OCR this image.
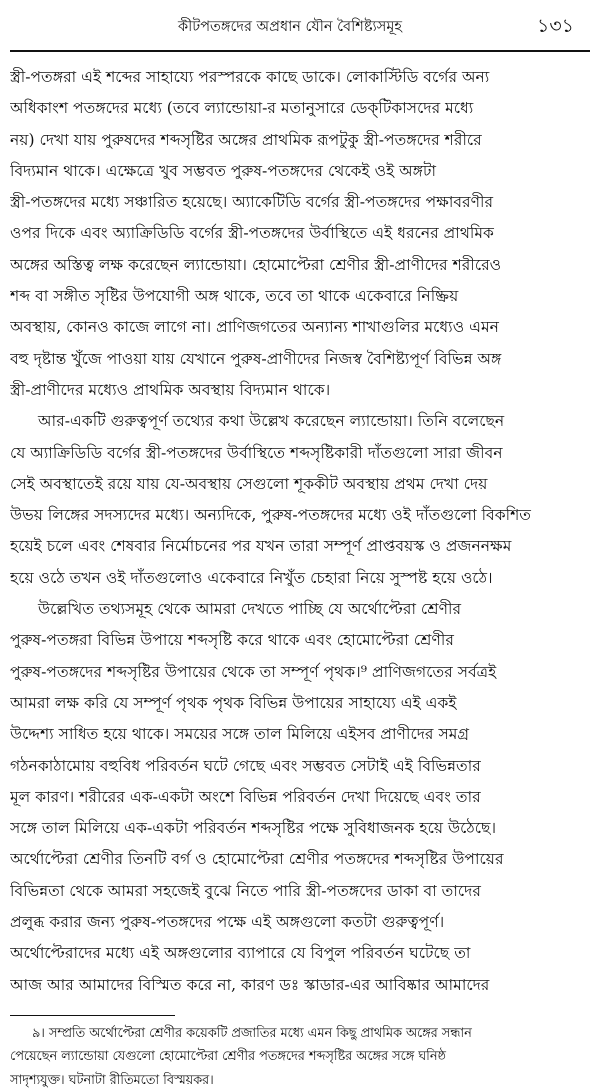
কীটপতঙ্গদের অপ্রধান যৌন বৈশিষ্ট্যসমূহ	১৩১
স্ত্রী-পতঙ্গরা এই শব্দের সাহায্যে পরস্পরকে কাছে ডাকে। লোকাস্টিডি বর্গের অন্য
অধিকাংশ পতঙ্গদের মধ্যে (তবে ল্যান্ডোয়া-র মতানুসারে ডেক্‌টিকাসদের মধ্যে
নয়) দেখা যায় পুরুষদের শব্দসৃষ্টির অঙ্গের প্রাথমিক রূপটুকু স্ত্রী-পতঙ্গদের শরীরে
বিদ্যমান থাকে। এক্ষেত্রে খুব সম্ভবত পুরুষ-পতঙ্গদের থেকেই ওই অঙ্গটা
স্ত্রী-পতঙ্গদের মধ্যে সঞ্চারিত হয়েছে। অ্যাকেটিডি বর্গের স্ত্রী-পতঙ্গদের পক্ষাবরণীর
ওপর দিকে এবং অ্যাক্রিডিডি বর্গের স্ত্রী-পতঙ্গদের উর্বাস্থিতে এই ধরনের প্রাথমিক
অঙ্গের অস্তিত্ব লক্ষ করেছেন ল্যান্ডোয়া। হোমোপ্টেরা শ্রেণীর স্ত্রী-প্রাণীদের শরীরেও
শব্দ বা সঙ্গীত সৃষ্টির উপযোগী অঙ্গ থাকে, তবে তা থাকে একেবারে নিষ্ক্রিয়
অবস্থায়, কোনও কাজে লাগে না। প্রাণিজগতের অন্যান্য শাখাগুলির মধ্যেও এমন
বহু দৃষ্টান্ত খুঁজে পাওয়া যায় যেখানে পুরুষ-প্রাণীদের নিজস্ব বৈশিষ্ট্যপূর্ণ বিভিন্ন অঙ্গ
স্ত্রী-প্রাণীদের মধ্যেও প্রাথমিক অবস্থায় বিদ্যমান থাকে।
আর-একটি গুরুত্বপূর্ণ তথ্যের কথা উল্লেখ করেছেন ল্যান্ডোয়া। তিনি বলেছেন
যে অ্যাক্রিডিডি বর্গের স্ত্রী-পতঙ্গদের উর্বাস্থিতে শব্দসৃষ্টিকারী দাঁতগুলো সারা জীবন
সেই অবস্থাতেই রয়ে যায় যে-অবস্থায় সেগুলো শূককীট অবস্থায় প্রথম দেখা দেয়
উভয় লিঙ্গের সদস্যদের মধ্যে। অন্যদিকে, পুরুষ-পতঙ্গদের মধ্যে ওই দাঁতগুলো বিকশিত
হয়েই চলে এবং শেষবার নির্মোচনের পর যখন তারা সম্পূর্ণ প্রাপ্তবয়স্ক ও প্রজননক্ষম
হয়ে ওঠে তখন ওই দাঁতগুলোও একেবারে নিখুঁত চেহারা নিয়ে সুস্পষ্ট হয়ে ওঠে।
উল্লেখিত তথ্যসমূহ থেকে আমরা দেখতে পাচ্ছি যে অর্থোপ্টেরা শ্রেণীর
পুরুষ-পতঙ্গরা বিভিন্ন উপায়ে শব্দসৃষ্টি করে থাকে এবং হোমোপ্টেরা শ্রেণীর
পুরুষ-পতঙ্গদের শব্দসৃষ্টির উপায়ের থেকে তা সম্পূর্ণ পৃথক।⁹ প্রাণিজগতের সর্বত্রই
আমরা লক্ষ করি যে সম্পূর্ণ পৃথক পৃথক বিভিন্ন উপায়ের সাহায্যে এই একই
উদ্দেশ্য সাধিত হয়ে থাকে। সময়ের সঙ্গে তাল মিলিয়ে এইসব প্রাণীদের সমগ্র
গঠনকাঠামোয় বহুবিধ পরিবর্তন ঘটে গেছে এবং সম্ভবত সেটাই এই বিভিন্নতার
মূল কারণ। শরীরের এক-একটা অংশে বিভিন্ন পরিবর্তন দেখা দিয়েছে এবং তার
সঙ্গে তাল মিলিয়ে এক-একটা পরিবর্তন শব্দসৃষ্টির পক্ষে সুবিধাজনক হয়ে উঠেছে।
অর্থোপ্টেরা শ্রেণীর তিনটি বর্গ ও হোমোপ্টেরা শ্রেণীর পতঙ্গদের শব্দসৃষ্টির উপায়ের
বিভিন্নতা থেকে আমরা সহজেই বুঝে নিতে পারি স্ত্রী-পতঙ্গদের ডাকা বা তাদের
প্রলুব্ধ করার জন্য পুরুষ-পতঙ্গদের পক্ষে এই অঙ্গগুলো কতটা গুরুত্বপূর্ণ।
অর্থোপ্টেরাদের মধ্যে এই অঙ্গগুলোর ব্যাপারে যে বিপুল পরিবর্তন ঘটেছে তা
আজ আর আমাদের বিস্মিত করে না, কারণ ডঃ স্কাডার-এর আবিষ্কার আমাদের
৯। সম্প্রতি অর্থোপ্টেরা শ্রেণীর কয়েকটি প্রজাতির মধ্যে এমন কিছু প্রাথমিক অঙ্গের সন্ধান
পেয়েছেন ল্যান্ডোয়া যেগুলো হোমোপ্টেরা শ্রেণীর পতঙ্গদের শব্দসৃষ্টির অঙ্গের সঙ্গে ঘনিষ্ঠ
সাদৃশ্যযুক্ত। ঘটনাটা রীতিমতো বিস্ময়কর।
